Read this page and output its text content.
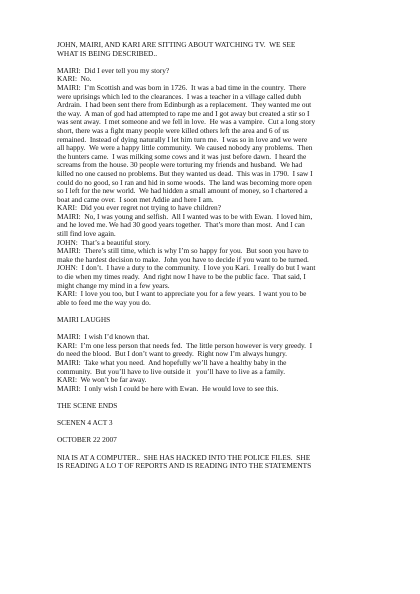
JOHN, MAIRI, AND KARI ARE SITTING ABOUT WATCHING TV.  WE SEE
WHAT IS BEING DESCRIBED..
MAIRI:  Did I ever tell you my story?
KARI:  No.
MAIRI:  I’m Scottish and was born in 1726.  It was a bad time in the country.  There
were uprisings which led to the clearances.  I was a teacher in a village called dubh
Ardrain.  I had been sent there from Edinburgh as a replacement.  They wanted me out
the way.  A man of god had attempted to rape me and I got away but created a stir so I
was sent away.  I met someone and we fell in love.  He was a vampire.  Cut a long story
short, there was a fight many people were killed others left the area and 6 of us
remained.  Instead of dying naturally I let him turn me.  I was so in love and we were
all happy.  We were a happy little community.  We caused nobody any problems.  Then
the hunters came.  I was milking some cows and it was just before dawn.  I heard the
screams from the house. 30 people were torturing my friends and husband.  We had
killed no one caused no problems. But they wanted us dead.  This was in 1790.  I saw I
could do no good, so I ran and hid in some woods.  The land was becoming more open
so I left for the new world.  We had hidden a small amount of money, so I chartered a
boat and came over.  I soon met Addie and here I am.
KARI:  Did you ever regret not trying to have children?
MAIRI:  No, I was young and selfish.  All I wanted was to be with Ewan.  I loved him,
and he loved me. We had 30 good years together.  That’s more than most.  And I can
still find love again.
JOHN:  That’s a beautiful story.
MAIRI:  There’s still time, which is why I’m so happy for you.  But soon you have to
make the hardest decision to make.  John you have to decide if you want to be turned.
JOHN:  I don’t.  I have a duty to the community.  I love you Kari.  I really do but I want
to die when my times ready.  And right now I have to be the public face.  That said, I
might change my mind in a few years.
KARI:  I love you too, but I want to appreciate you for a few years.  I want you to be
able to feed me the way you do.
MAIRI LAUGHS
MAIRI:  I wish I’d known that.
KARI:  I’m one less person that needs fed.  The little person however is very greedy.  I
do need the blood.  But I don’t want to greedy.  Right now I’m always hungry.
MAIRI:  Take what you need.  And hopefully we’ll have a healthy baby in the
community.  But you’ll have to live outside it   you’ll have to live as a family.
KARI:  We won’t be far away.
MAIRI:  I only wish I could be here with Ewan.  He would love to see this.
THE SCENE ENDS
SCENEN 4 ACT 3
OCTOBER 22 2007
NIA IS AT A COMPUTER..  SHE HAS HACKED INTO THE POLICE FILES.  SHE
IS READING A LO T OF REPORTS AND IS READING INTO THE STATEMENTS
